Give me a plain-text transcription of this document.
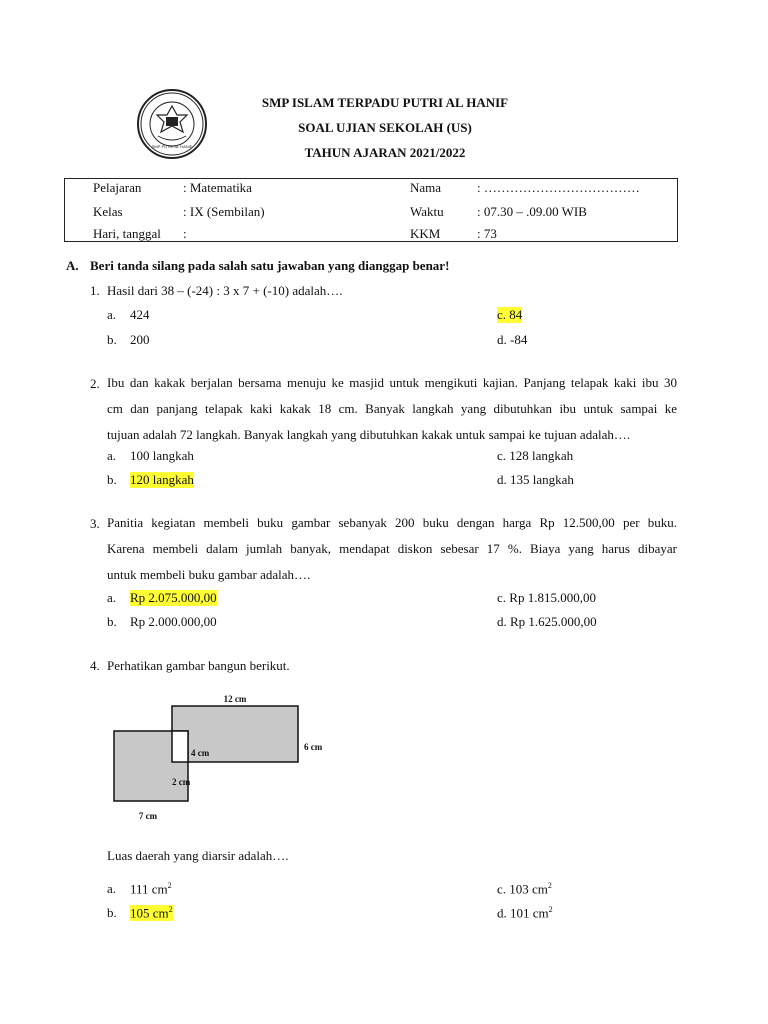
SMP PUTRI AL HANIF
SMP ISLAM TERPADU PUTRI AL HANIF
SOAL UJIAN SEKOLAH (US)
TAHUN AJARAN 2021/2022
Pelajaran	: Matematika	Nama	: ………………………………
Kelas	: IX (Sembilan)	Waktu	: 07.30 – .09.00 WIB
Hari, tanggal :	KKM	: 73
A. Beri tanda silang pada salah satu jawaban yang dianggap benar!
1. Hasil dari 38 – (-24) : 3 x 7 + (-10) adalah….
a. 424	c. 84
b. 200	d. -84
2. Ibu dan kakak berjalan bersama menuju ke masjid untuk mengikuti kajian. Panjang telapak kaki ibu 30
cm dan panjang telapak kaki kakak 18 cm. Banyak langkah yang dibutuhkan ibu untuk sampai ke
tujuan adalah 72 langkah. Banyak langkah yang dibutuhkan kakak untuk sampai ke tujuan adalah….
a. 100 langkah	c. 128 langkah
b. 120 langkah	d. 135 langkah
3. Panitia kegiatan membeli buku gambar sebanyak 200 buku dengan harga Rp 12.500,00 per buku.
Karena membeli dalam jumlah banyak, mendapat diskon sebesar 17 %. Biaya yang harus dibayar
untuk membeli buku gambar adalah….
a. Rp 2.075.000,00	c. Rp 1.815.000,00
b. Rp 2.000.000,00	d. Rp 1.625.000,00
4. Perhatikan gambar bangun berikut.
12 cm
6 cm
4 cm
2 cm
7 cm
Luas daerah yang diarsir adalah….
a. 111 $cm^2$	c. 103 $cm^2$
b. 105 $cm^2$	d. 101 $cm^2$
